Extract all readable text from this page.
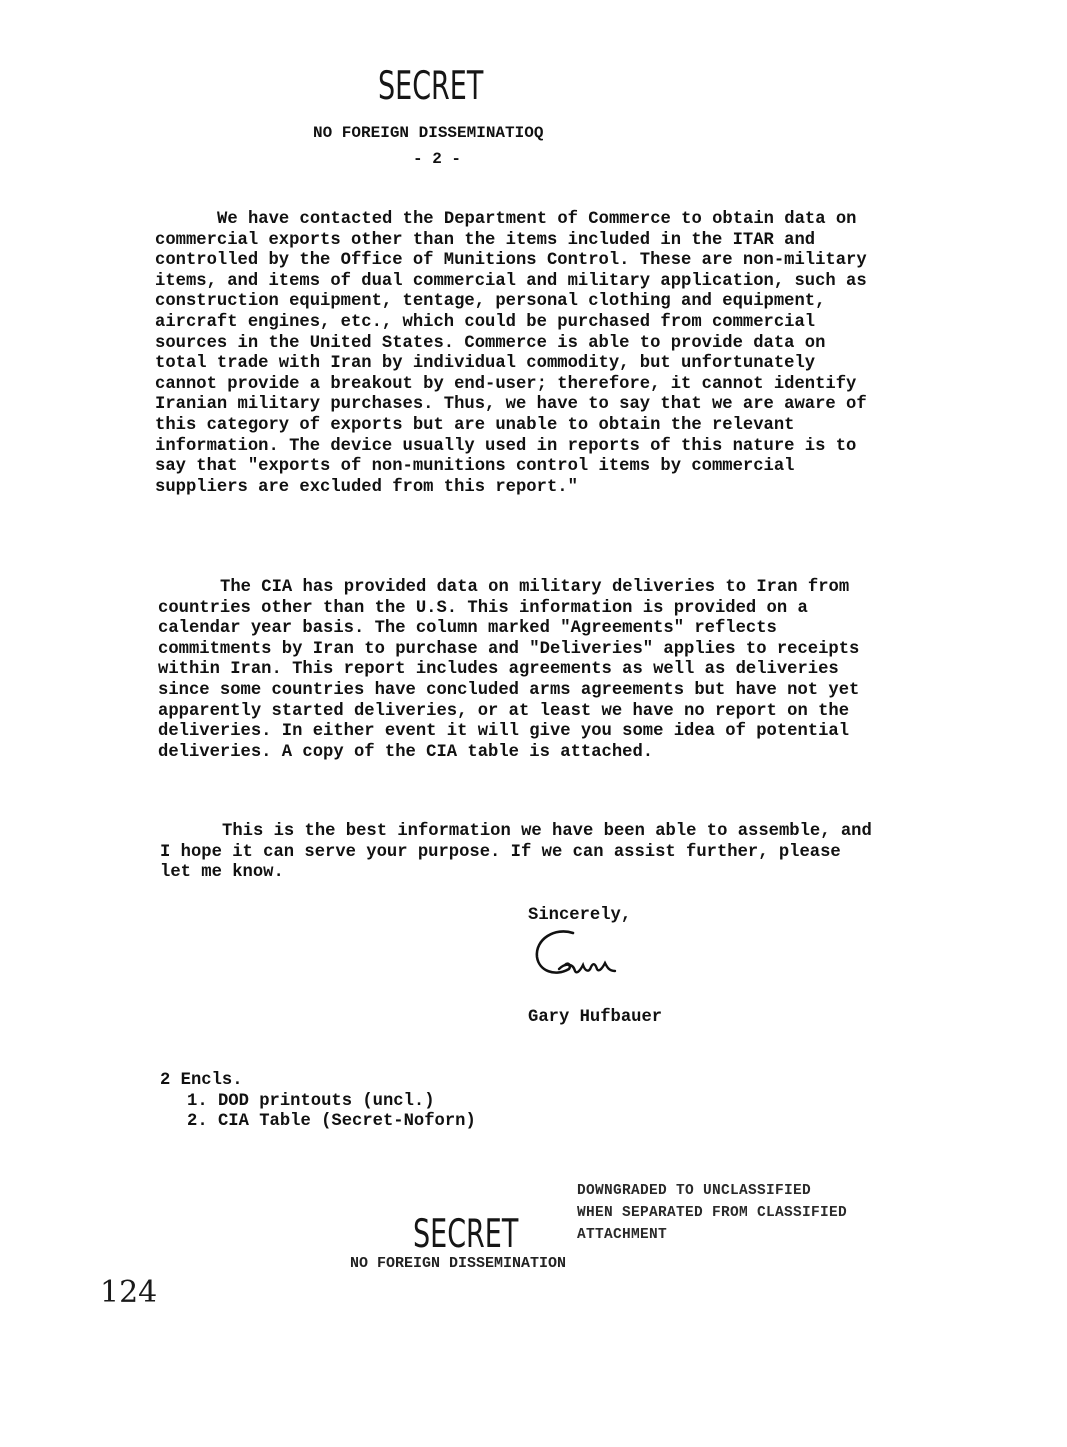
SECRET
NO FOREIGN DISSEMINATIOQ
- 2 -

We have contacted the Department of Commerce to obtain data on commercial exports other than the items included in the ITAR and controlled by the Office of Munitions Control. These are non-military items, and items of dual commercial and military application, such as construction equipment, tentage, personal clothing and equipment, aircraft engines, etc., which could be purchased from commercial sources in the United States. Commerce is able to provide data on total trade with Iran by individual commodity, but unfortunately cannot provide a breakout by end-user; therefore, it cannot identify Iranian military purchases. Thus, we have to say that we are aware of this category of exports but are unable to obtain the relevant information. The device usually used in reports of this nature is to say that "exports of non-munitions control items by commercial suppliers are excluded from this report."

The CIA has provided data on military deliveries to Iran from countries other than the U.S. This information is provided on a calendar year basis. The column marked "Agreements" reflects commitments by Iran to purchase and "Deliveries" applies to receipts within Iran. This report includes agreements as well as deliveries since some countries have concluded arms agreements but have not yet apparently started deliveries, or at least we have no report on the deliveries. In either event it will give you some idea of potential deliveries. A copy of the CIA table is attached.

This is the best information we have been able to assemble, and I hope it can serve your purpose. If we can assist further, please let me know.

Sincerely,
Gary Hufbauer
2 Encls.
1. DOD printouts (uncl.)
2. CIA Table (Secret-Noforn)
DOWNGRADED TO UNCLASSIFIED
WHEN SEPARATED FROM CLASSIFIED
ATTACHMENT
SECRET
NO FOREIGN DISSEMINATION
124
